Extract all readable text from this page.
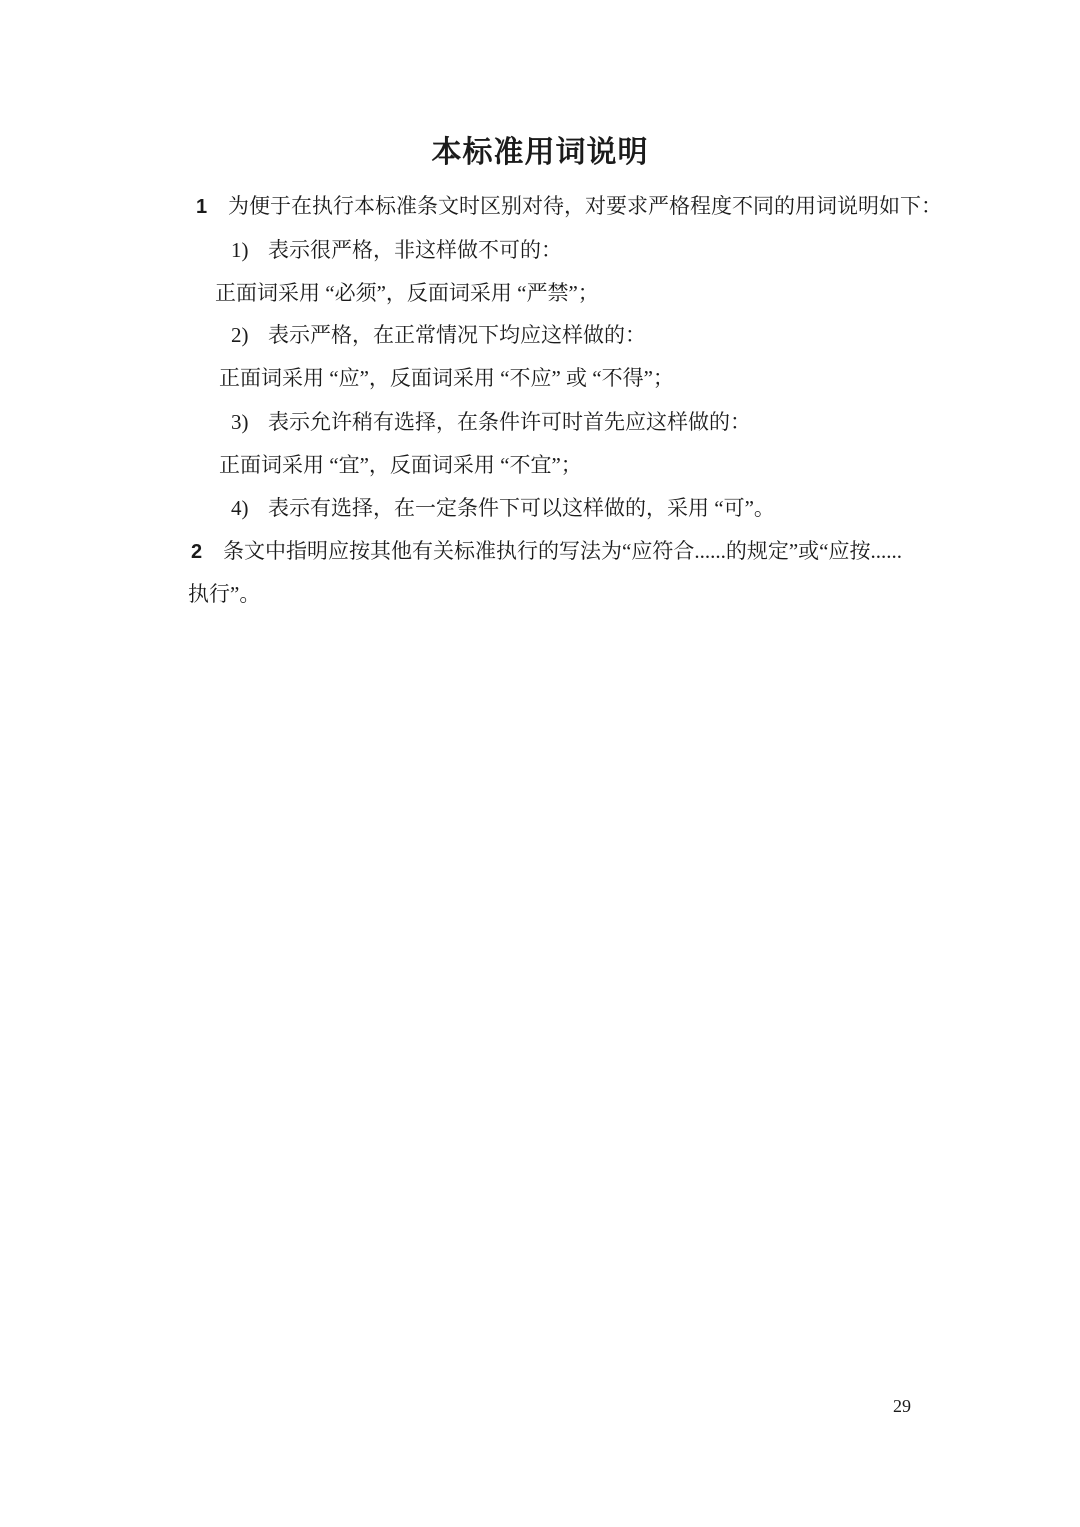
本标准用词说明
1 为便于在执行本标准条文时区别对待，对要求严格程度不同的用词说明如下：
1) 表示很严格，非这样做不可的：
正面词采用 “必须”，反面词采用 “严禁”；
2) 表示严格，在正常情况下均应这样做的：
正面词采用 “应”，反面词采用 “不应” 或 “不得”；
3) 表示允许稍有选择，在条件许可时首先应这样做的：
正面词采用 “宜”，反面词采用 “不宜”；
4) 表示有选择，在一定条件下可以这样做的，采用 “可”。
2 条文中指明应按其他有关标准执行的写法为“应符合......的规定”或“应按......
执行”。
29
